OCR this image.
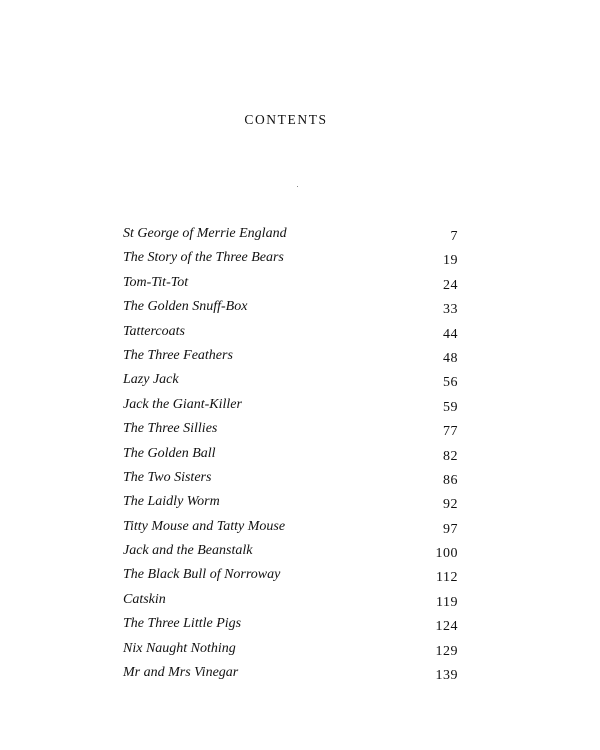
CONTENTS
St George of Merrie England	7
The Story of the Three Bears	19
Tom-Tit-Tot	24
The Golden Snuff-Box	33
Tattercoats	44
The Three Feathers	48
Lazy Jack	56
Jack the Giant-Killer	59
The Three Sillies	77
The Golden Ball	82
The Two Sisters	86
The Laidly Worm	92
Titty Mouse and Tatty Mouse	97
Jack and the Beanstalk	100
The Black Bull of Norroway	112
Catskin	119
The Three Little Pigs	124
Nix Naught Nothing	129
Mr and Mrs Vinegar	139
